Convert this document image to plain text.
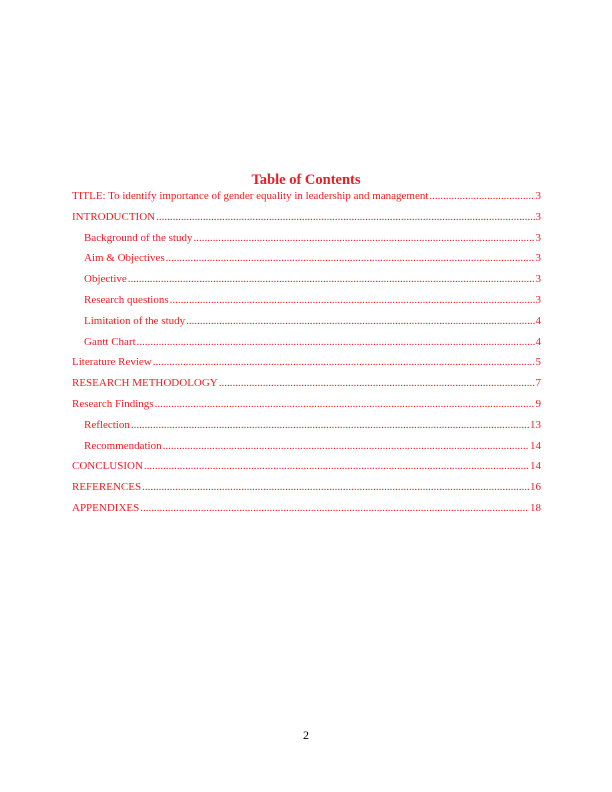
Table of Contents
TITLE: To identify importance of gender equality in leadership and management .....	3
INTRODUCTION .....	3
Background of the study .....	3
Aim & Objectives .....	3
Objective .....	3
Research questions .....	3
Limitation of the study .....	4
Gantt Chart .....	4
Literature Review .....	5
RESEARCH METHODOLOGY .....	7
Research Findings .....	9
Reflection .....	13
Recommendation .....	14
CONCLUSION .....	14
REFERENCES .....	16
APPENDIXES .....	18
2
